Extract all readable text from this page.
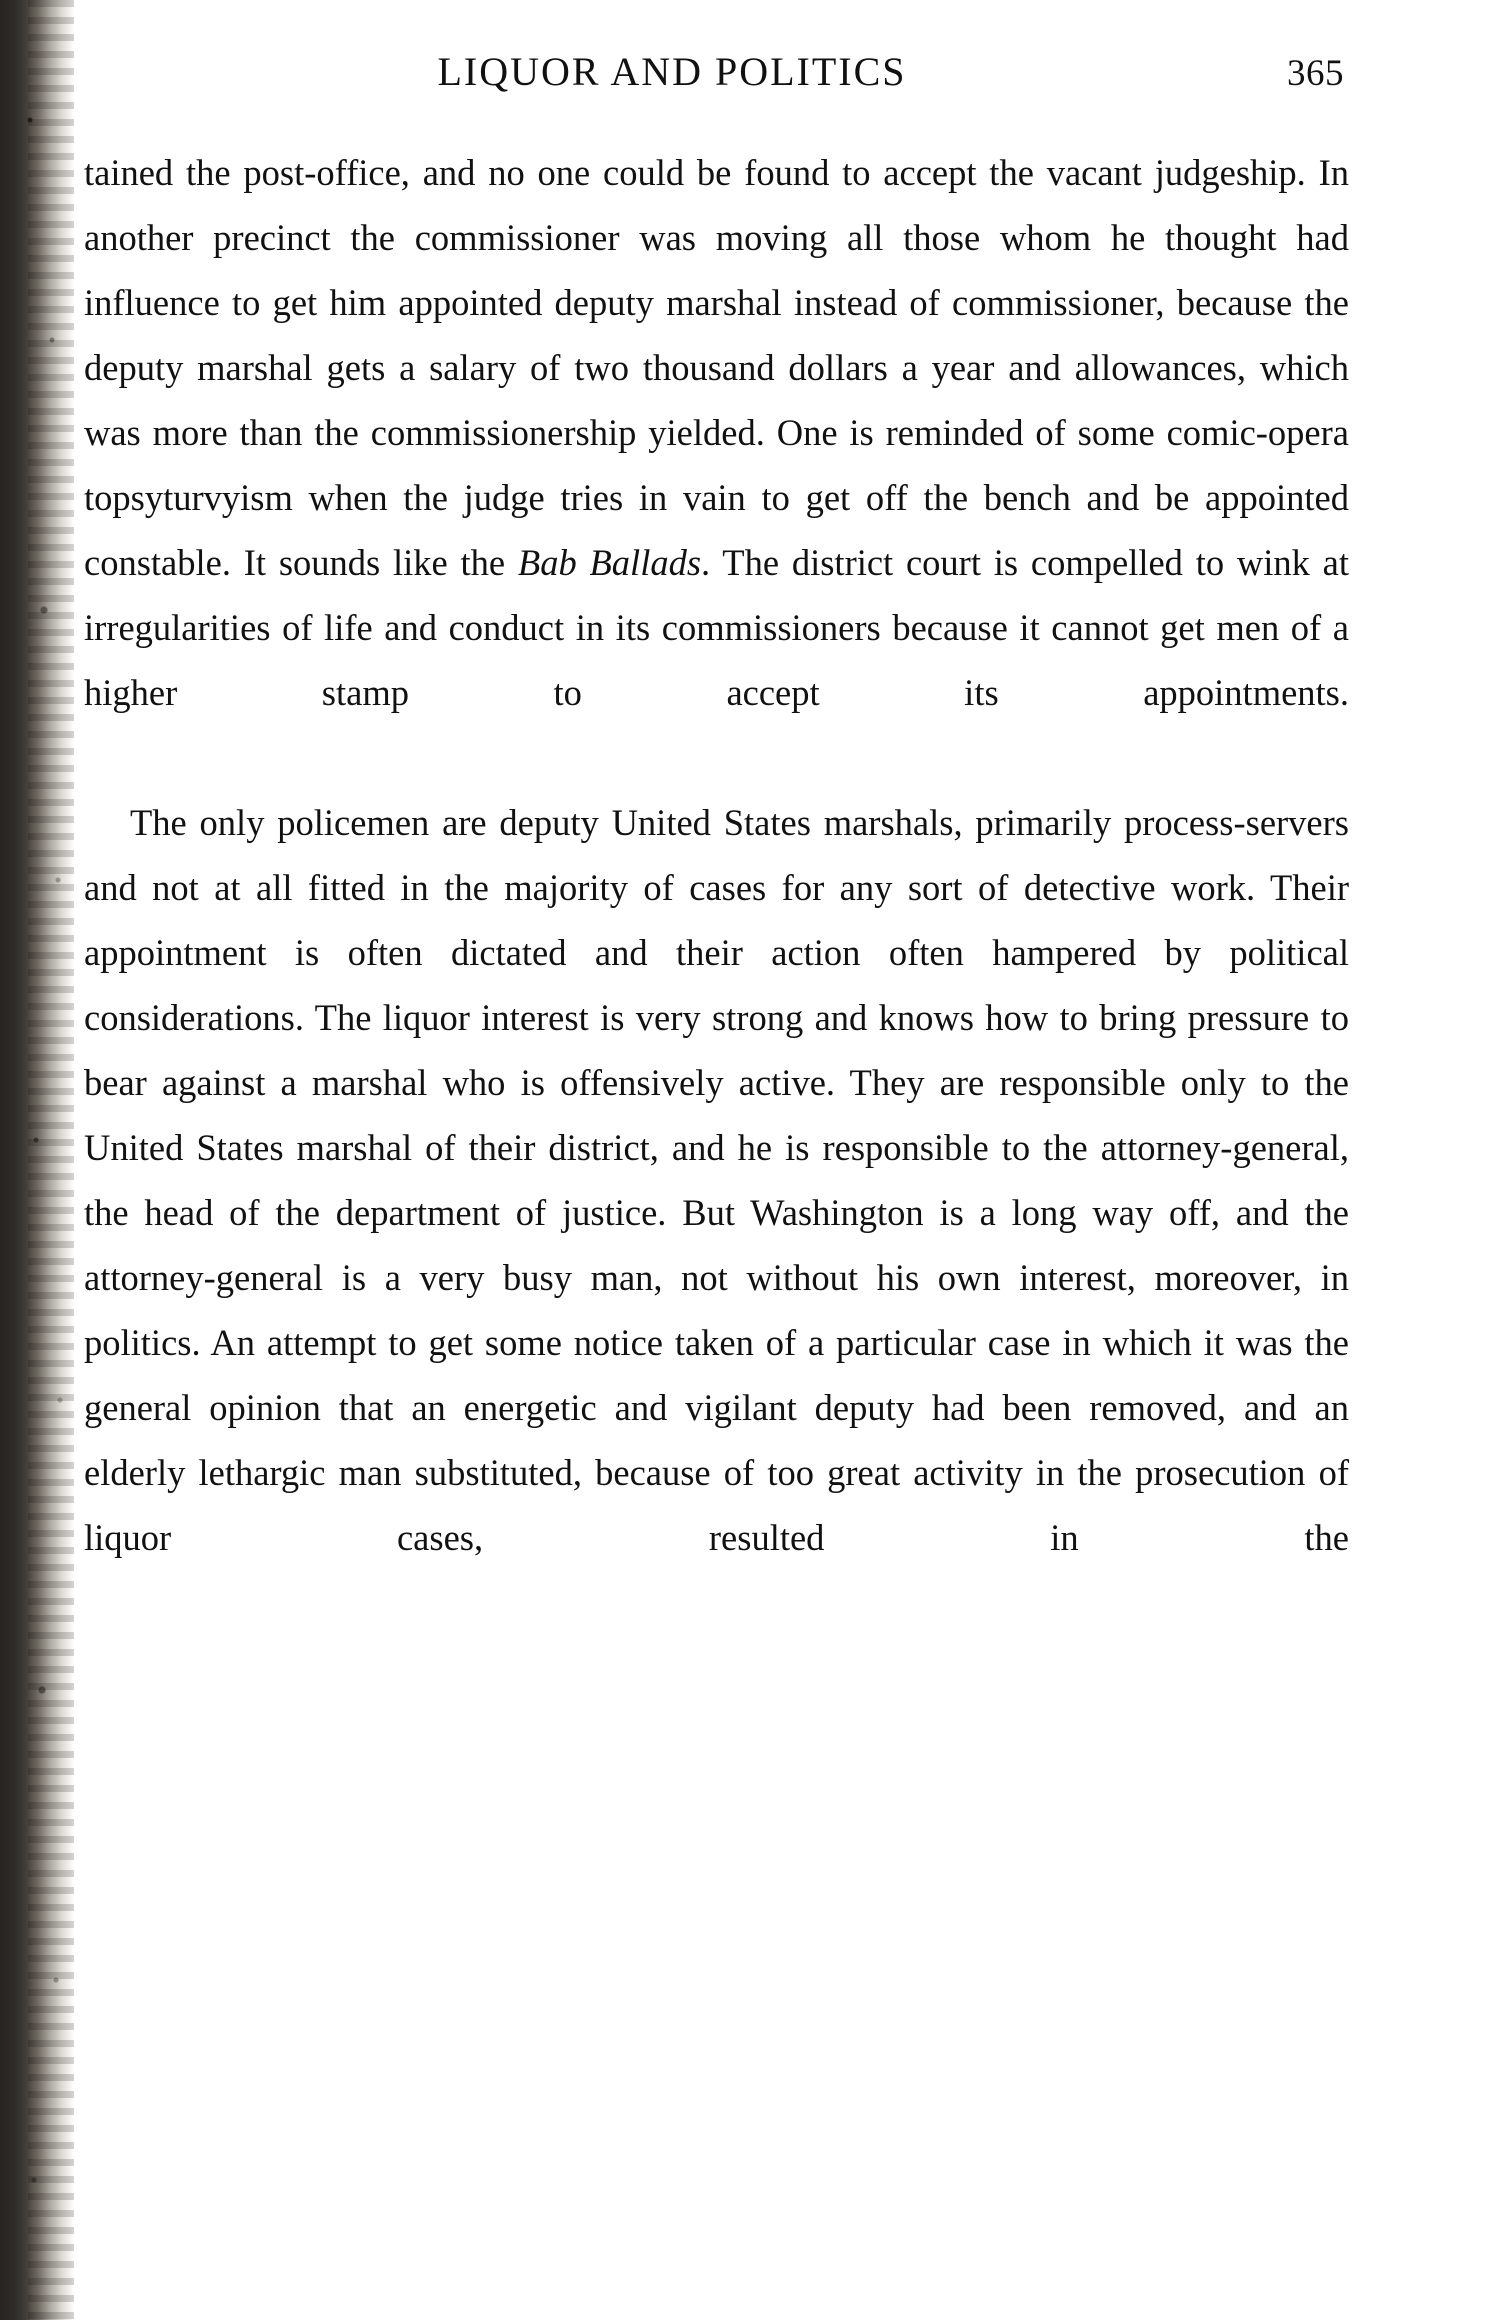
LIQUOR AND POLITICS	365

tained the post-office, and no one could be found to accept the vacant judgeship. In another precinct the commissioner was moving all those whom he thought had influence to get him appointed deputy marshal instead of commissioner, because the deputy marshal gets a salary of two thousand dollars a year and allowances, which was more than the commissionership yielded. One is reminded of some comic-opera topsyturvyism when the judge tries in vain to get off the bench and be appointed constable. It sounds like the Bab Ballads. The district court is compelled to wink at irregularities of life and conduct in its commissioners because it cannot get men of a higher stamp to accept its appointments.

The only policemen are deputy United States marshals, primarily process-servers and not at all fitted in the majority of cases for any sort of detective work. Their appointment is often dictated and their action often hampered by political considerations. The liquor interest is very strong and knows how to bring pressure to bear against a marshal who is offensively active. They are responsible only to the United States marshal of their district, and he is responsible to the attorney-general, the head of the department of justice. But Washington is a long way off, and the attorney-general is a very busy man, not without his own interest, moreover, in politics. An attempt to get some notice taken of a particular case in which it was the general opinion that an energetic and vigilant deputy had been removed, and an elderly lethargic man substituted, because of too great activity in the prosecution of liquor cases, resulted in the
